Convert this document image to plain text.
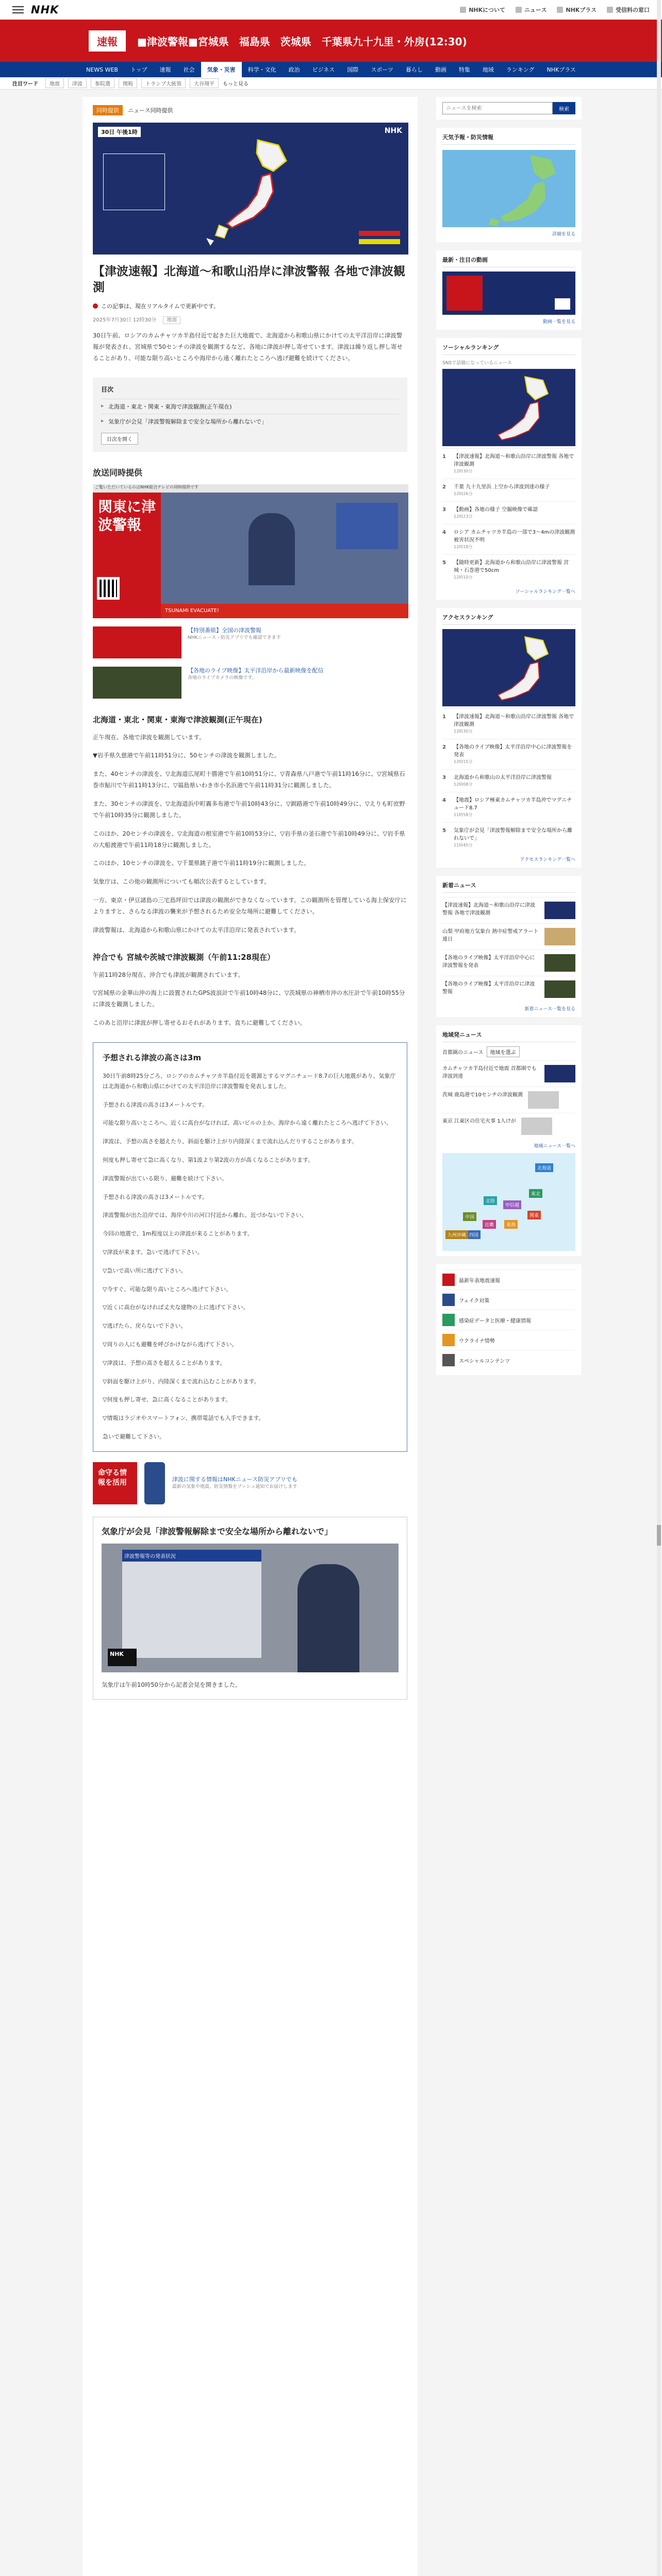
NHK	NHKについて	ニュース	NHKプラス	受信料の窓口
速報	■津波警報■宮城県　福島県　茨城県　千葉県九十九里・外房(12:30)
NEWS WEB	トップ	速報	社会	気象・災害	科学・文化	政治	ビジネス	国際	スポーツ	暮らし	動画	特集	地域	ランキング	NHKプラス
注目ワード	地震	津波	参院選	関税	トランプ大統領	大谷翔平	もっと見る
同時提供 ニュース同時提供
30日 午後1時	NHK
【津波速報】北海道～和歌山沿岸に津波警報 各地で津波観測
この記事は、現在リアルタイムで更新中です。
2025年7月30日 12時30分 地震

30日午前、ロシアのカムチャツカ半島付近で起きた巨大地震で、北海道から和歌山県にかけての太平洋沿岸に津波警報が発表され、宮城県で50センチの津波を観測するなど、各地に津波が押し寄せています。津波は繰り返し押し寄せることがあり、可能な限り高いところや海岸から遠く離れたところへ逃げ避難を続けてください。

目次
▸ 北海道・東北・関東・東海で津波観測(正午現在)
▸ 気象庁が会見「津波警報解除まで安全な場所から離れないで」
目次を開く
放送同時提供
ご覧いただいているのはNHK総合テレビの同時提供です
関東に津波警報
TSUNAMI EVACUATE!
【特別番組】全国の津波警報
NHKニュース・防災アプリでも確認できます
【各地のライブ映像】太平洋沿岸から最新映像を配信
各地のライブカメラの映像です。
北海道・東北・関東・東海で津波観測(正午現在)

正午現在、各地で津波を観測しています。

▼岩手県久慈港で午前11時51分に、50センチの津波を観測しました。

また、40センチの津波を、▽北海道広尾町十勝港で午前10時51分に、▽青森県八戸港で午前11時16分に、▽宮城県石巻市鮎川で午前11時13分に、▽福島県いわき市小名浜港で午前11時31分に観測しました。

また、30センチの津波を、▽北海道浜中町霧多布港で午前10時43分に、▽釧路港で午前10時49分に、▽えりも町庶野で午前10時35分に観測しました。

このほか、20センチの津波を、▽北海道の根室港で午前10時53分に、▽岩手県の釜石港で午前10時49分に、▽岩手県の大船渡港で午前11時18分に観測しました。

このほか、10センチの津波を、▽千葉県銚子港で午前11時19分に観測しました。

気象庁は、この他の観測所についても順次公表するとしています。

一方、東京・伊豆諸島の三宅島坪田では津波の観測ができなくなっています。この観測所を管理している海上保安庁によりますと、さらなる津波の襲来が予想されるため安全な場所に避難してください。

津波警報は、北海道から和歌山県にかけての太平洋沿岸に発表されています。

沖合でも 宮城や茨城で津波観測（午前11:28現在）

午前11時28分現在、沖合でも津波が観測されています。

▽宮城県の金華山沖の海上に設置されたGPS波浪計で午前10時48分に、▽茨城県の神栖市沖の水圧計で午前10時55分に津波を観測しました。

このあと沿岸に津波が押し寄せるおそれがあります。直ちに避難してください。

予想される津波の高さは3m

30日午前8時25分ごろ、ロシアのカムチャツカ半島付近を震源とするマグニチュード8.7の巨大地震があり、気象庁は北海道から和歌山県にかけての太平洋沿岸に津波警報を発表しました。

予想される津波の高さは3メートルです。

可能な限り高いところへ、近くに高台がなければ、高いビルの上か、海岸から遠く離れたところへ逃げて下さい。

津波は、予想の高さを超えたり、斜面を駆け上がり内陸深くまで流れ込んだりすることがあります。

何度も押し寄せて急に高くなり、第1波より第2波の方が高くなることがあります。

津波警報が出ている限り、避難を続けて下さい。

予想される津波の高さは3メートルです。

津波警報が出た沿岸では、海岸や川の河口付近から離れ、近づかないで下さい。

今回の地震で、1m程度以上の津波が来ることがあります。

▽津波が来ます。急いで逃げて下さい。

▽急いで高い所に逃げて下さい。

▽今すぐ、可能な限り高いところへ逃げて下さい。

▽近くに高台がなければ丈夫な建物の上に逃げて下さい。

▽逃げたら、戻らないで下さい。

▽周りの人にも避難を呼びかけながら逃げて下さい。

▽津波は、予想の高さを超えることがあります。

▽斜面を駆け上がり、内陸深くまで流れ込むことがあります。

▽何度も押し寄せ、急に高くなることがあります。

▽情報はラジオやスマートフォン、携帯電話でも入手できます。

急いで避難して下さい。

命守る情報を活用	津波に関する情報はNHKニュース防災アプリでも
最新の気象や地震、防災情報をプッシュ通知でお届けします
気象庁が会見「津波警報解除まで安全な場所から離れないで」
津波警報等の発表状況
NHK

気象庁は午前10時50分から記者会見を開きました。

ニュースを検索
検索
天気予報・防災情報
詳細を見る
最新・注目の動画
動画一覧を見る
ソーシャルランキング
SNSで話題になっているニュース
1	【津波速報】北海道～和歌山沿岸に津波警報 各地で津波観測
12時30分
2	千葉 九十九里浜 上空から津波到達の様子
12時26分
3	【動画】各地の様子 空撮映像で確認
12時23分
4	ロシア カムチャツカ半島の一部で3～4mの津波観測 被害状況不明
12時18分
5	【随時更新】北海道から和歌山沿岸に津波警報 宮城・石巻港で50cm
12時10分
ソーシャルランキング一覧へ
アクセスランキング
1	【津波速報】北海道～和歌山沿岸に津波警報 各地で津波観測
12時30分
2	【各地のライブ映像】太平洋沿岸中心に津波警報を発表
12時15分
3	北海道から和歌山の太平洋沿岸に津波警報
12時08分
4	【地震】ロシア極東カムチャツカ半島沖でマグニチュード8.7
11時58分
5	気象庁が会見「津波警報解除まで安全な場所から離れないで」
11時45分
アクセスランキング一覧へ
新着ニュース
【津波速報】北海道～和歌山沿岸に津波警報 各地で津波観測
山梨 甲府地方気象台 熱中症警戒アラート 連日
【各地のライブ映像】太平洋沿岸中心に津波警報を発表
【各地のライブ映像】太平洋沿岸に津波警報
新着ニュース一覧を見る
地域発ニュース
首都圏のニュース	地域を選ぶ
カムチャツカ半島付近で地震 首都圏でも津波到達
茨城 鹿島港で10センチの津波観測
東京 江東区の住宅火事 1人けが
地域ニュース一覧へ
北海道
東北
関東
甲信越
東海
北陸
近畿
中国
四国
九州沖縄
最新年表地震速報
フェイク対策
感染症データと医療・健康情報
ウクライナ情勢
スペシャルコンテンツ
